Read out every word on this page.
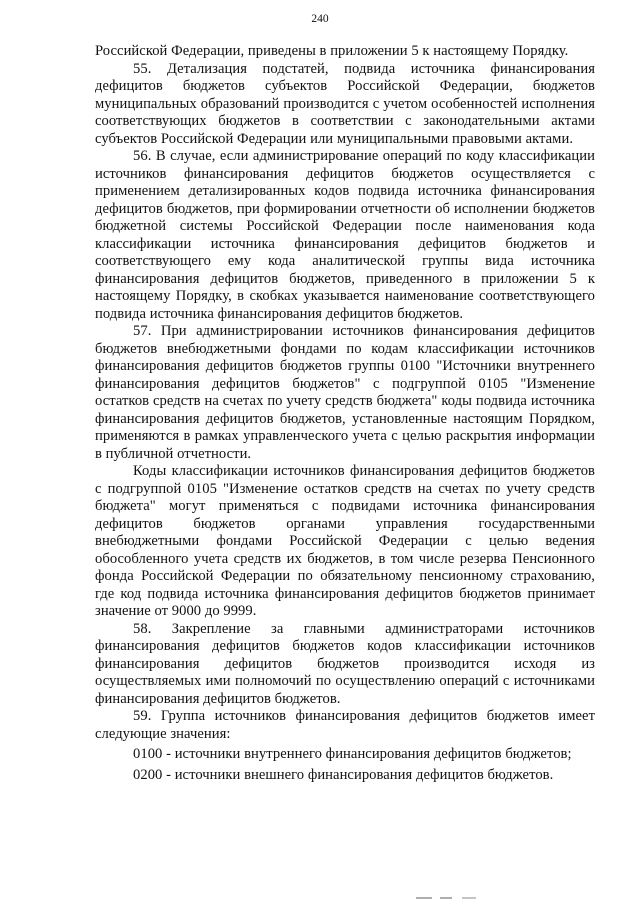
240

Российской Федерации, приведены в приложении 5 к настоящему Порядку.

55. Детализация подстатей, подвида источника финансирования дефицитов бюджетов субъектов Российской Федерации, бюджетов муниципальных образований производится с учетом особенностей исполнения соответствующих бюджетов в соответствии с законодательными актами субъектов Российской Федерации или муниципальными правовыми актами.

56. В случае, если администрирование операций по коду классификации источников финансирования дефицитов бюджетов осуществляется с применением детализированных кодов подвида источника финансирования дефицитов бюджетов, при формировании отчетности об исполнении бюджетов бюджетной системы Российской Федерации после наименования кода классификации источника финансирования дефицитов бюджетов и соответствующего ему кода аналитической группы вида источника финансирования дефицитов бюджетов, приведенного в приложении 5 к настоящему Порядку, в скобках указывается наименование соответствующего подвида источника финансирования дефицитов бюджетов.

57. При администрировании источников финансирования дефицитов бюджетов внебюджетными фондами по кодам классификации источников финансирования дефицитов бюджетов группы 0100 "Источники внутреннего финансирования дефицитов бюджетов" с подгруппой 0105 "Изменение остатков средств на счетах по учету средств бюджета" коды подвида источника финансирования дефицитов бюджетов, установленные настоящим Порядком, применяются в рамках управленческого учета с целью раскрытия информации в публичной отчетности.

Коды классификации источников финансирования дефицитов бюджетов с подгруппой 0105 "Изменение остатков средств на счетах по учету средств бюджета" могут применяться с подвидами источника финансирования дефицитов бюджетов органами управления государственными внебюджетными фондами Российской Федерации с целью ведения обособленного учета средств их бюджетов, в том числе резерва Пенсионного фонда Российской Федерации по обязательному пенсионному страхованию, где код подвида источника финансирования дефицитов бюджетов принимает значение от 9000 до 9999.

58. Закрепление за главными администраторами источников финансирования дефицитов бюджетов кодов классификации источников финансирования дефицитов бюджетов производится исходя из осуществляемых ими полномочий по осуществлению операций с источниками финансирования дефицитов бюджетов.

59. Группа источников финансирования дефицитов бюджетов имеет следующие значения:

0100 - источники внутреннего финансирования дефицитов бюджетов;

0200 - источники внешнего финансирования дефицитов бюджетов.
